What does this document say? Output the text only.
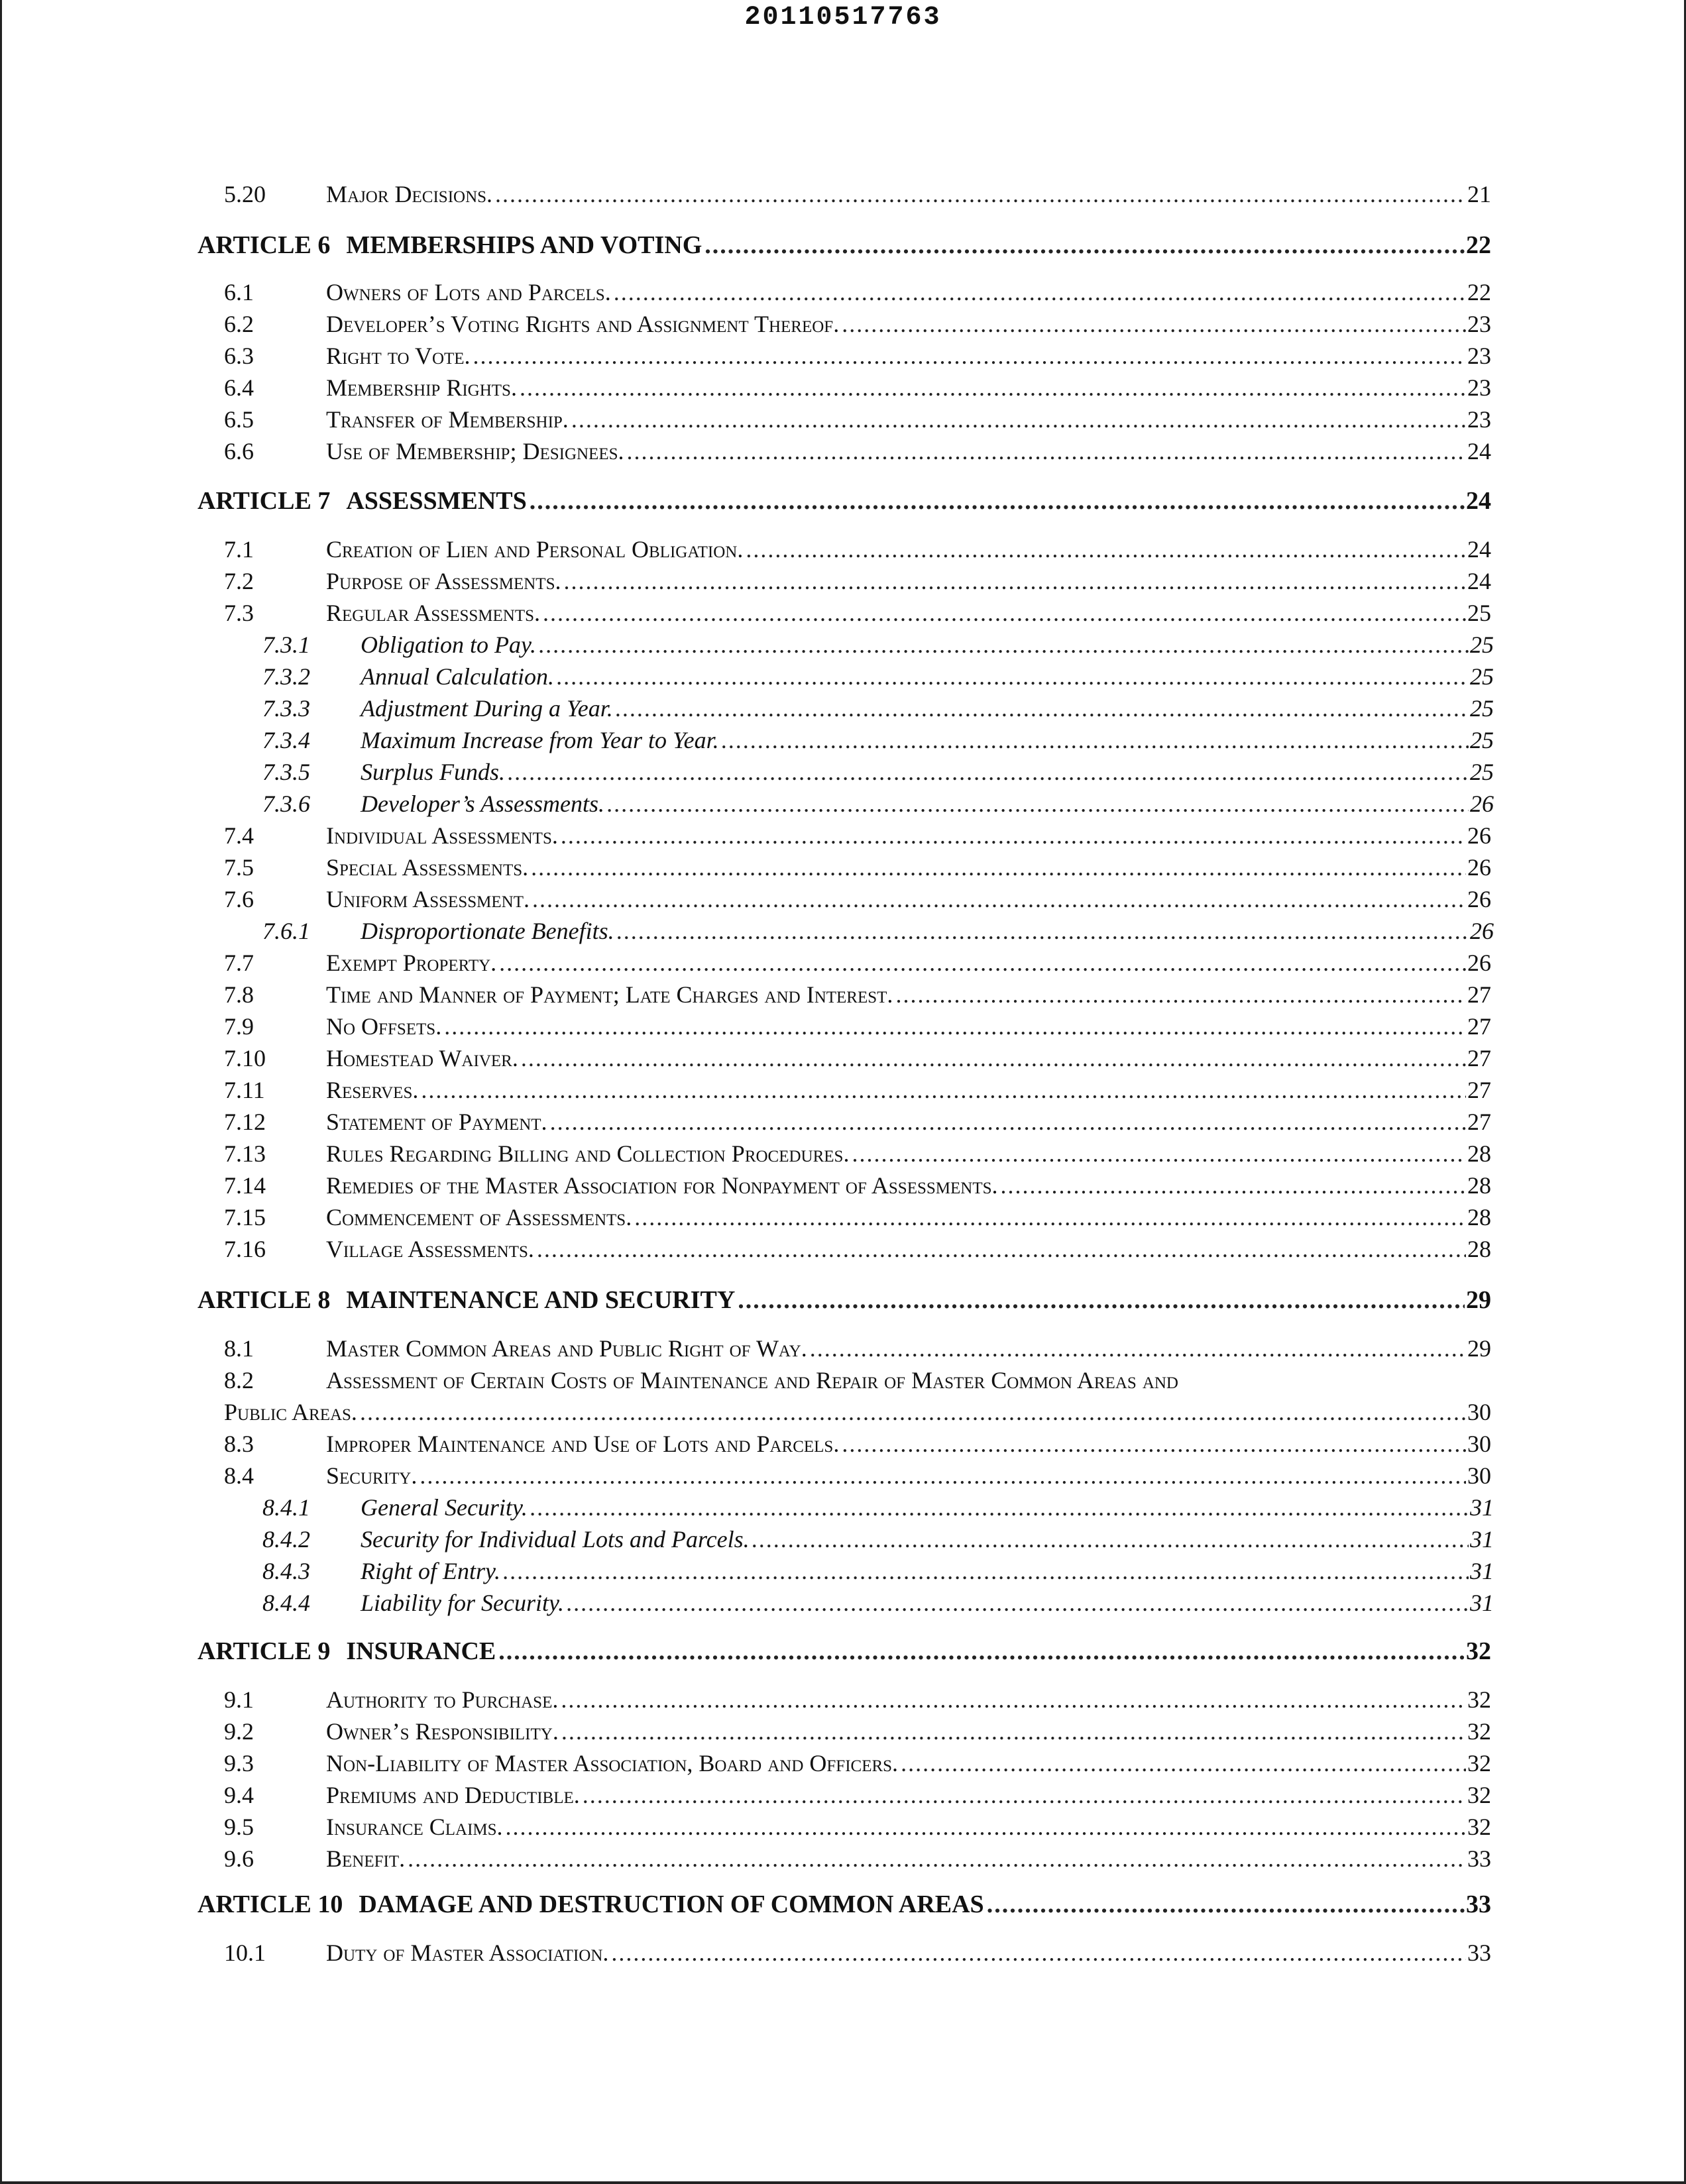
20110517763
5.20	Major Decisions. .....	21
ARTICLE 6 MEMBERSHIPS AND VOTING .....	22
6.1	Owners of Lots and Parcels. .....	22
6.2	Developer’s Voting Rights and Assignment Thereof. .....	23
6.3	Right to Vote. .....	23
6.4	Membership Rights. .....	23
6.5	Transfer of Membership. .....	23
6.6	Use of Membership; Designees. .....	24
ARTICLE 7 ASSESSMENTS .....	24
7.1	Creation of Lien and Personal Obligation. .....	24
7.2	Purpose of Assessments. .....	24
7.3	Regular Assessments. .....	25
7.3.1	Obligation to Pay. .....	25
7.3.2	Annual Calculation. .....	25
7.3.3	Adjustment During a Year. .....	25
7.3.4	Maximum Increase from Year to Year. .....	25
7.3.5	Surplus Funds. .....	25
7.3.6	Developer’s Assessments. .....	26
7.4	Individual Assessments. .....	26
7.5	Special Assessments. .....	26
7.6	Uniform Assessment. .....	26
7.6.1	Disproportionate Benefits. .....	26
7.7	Exempt Property. .....	26
7.8	Time and Manner of Payment; Late Charges and Interest. .....	27
7.9	No Offsets. .....	27
7.10	Homestead Waiver. .....	27
7.11	Reserves. .....	27
7.12	Statement of Payment. .....	27
7.13	Rules Regarding Billing and Collection Procedures. .....	28
7.14	Remedies of the Master Association for Nonpayment of Assessments. .....	28
7.15	Commencement of Assessments. .....	28
7.16	Village Assessments. .....	28
ARTICLE 8 MAINTENANCE AND SECURITY .....	29
8.1	Master Common Areas and Public Right of Way. .....	29
8.2	Assessment of Certain Costs of Maintenance and Repair of Master Common Areas and
Public Areas. .....	30
8.3	Improper Maintenance and Use of Lots and Parcels. .....	30
8.4	Security. .....	30
8.4.1	General Security. .....	31
8.4.2	Security for Individual Lots and Parcels. .....	31
8.4.3	Right of Entry. .....	31
8.4.4	Liability for Security. .....	31
ARTICLE 9 INSURANCE .....	32
9.1	Authority to Purchase. .....	32
9.2	Owner’s Responsibility. .....	32
9.3	Non-Liability of Master Association, Board and Officers. .....	32
9.4	Premiums and Deductible. .....	32
9.5	Insurance Claims. .....	32
9.6	Benefit. .....	33
ARTICLE 10 DAMAGE AND DESTRUCTION OF COMMON AREAS .....	33
10.1	Duty of Master Association. .....	33
